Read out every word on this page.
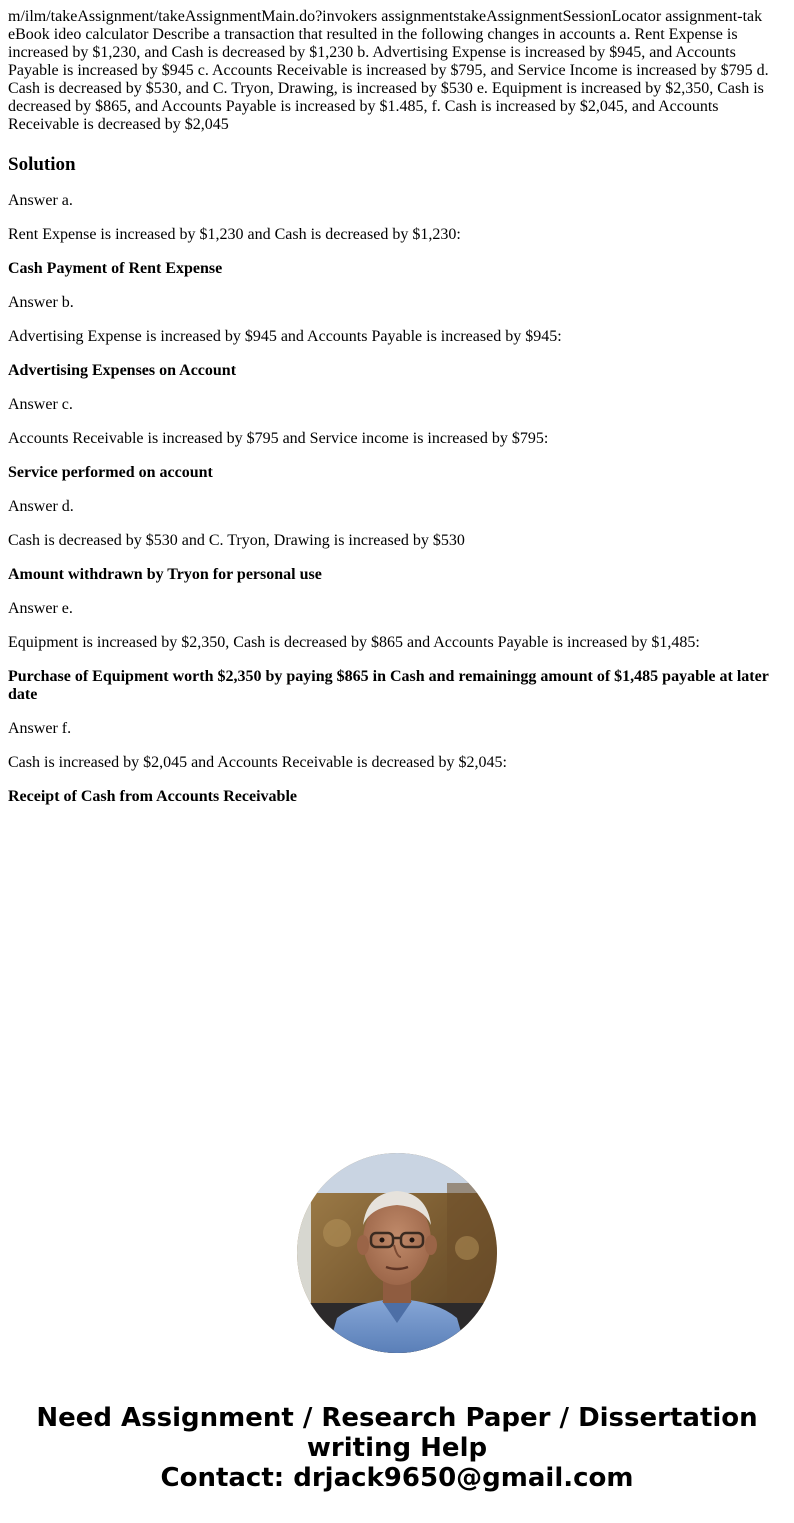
m/ilm/takeAssignment/takeAssignmentMain.do?invokers assignmentstakeAssignmentSessionLocator assignment-tak eBook ideo calculator Describe a transaction that resulted in the following changes in accounts a. Rent Expense is increased by $1,230, and Cash is decreased by $1,230 b. Advertising Expense is increased by $945, and Accounts Payable is increased by $945 c. Accounts Receivable is increased by $795, and Service Income is increased by $795 d. Cash is decreased by $530, and C. Tryon, Drawing, is increased by $530 e. Equipment is increased by $2,350, Cash is decreased by $865, and Accounts Payable is increased by $1.485, f. Cash is increased by $2,045, and Accounts Receivable is decreased by $2,045

Solution

Answer a.

Rent Expense is increased by $1,230 and Cash is decreased by $1,230:

Cash Payment of Rent Expense

Answer b.

Advertising Expense is increased by $945 and Accounts Payable is increased by $945:

Advertising Expenses on Account

Answer c.

Accounts Receivable is increased by $795 and Service income is increased by $795:

Service performed on account

Answer d.

Cash is decreased by $530 and C. Tryon, Drawing is increased by $530

Amount withdrawn by Tryon for personal use

Answer e.

Equipment is increased by $2,350, Cash is decreased by $865 and Accounts Payable is increased by $1,485:

Purchase of Equipment worth $2,350 by paying $865 in Cash and remainingg amount of $1,485 payable at later date

Answer f.

Cash is increased by $2,045 and Accounts Receivable is decreased by $2,045:

Receipt of Cash from Accounts Receivable

Need Assignment / Research Paper / Dissertation
writing Help
Contact: drjack9650@gmail.com
